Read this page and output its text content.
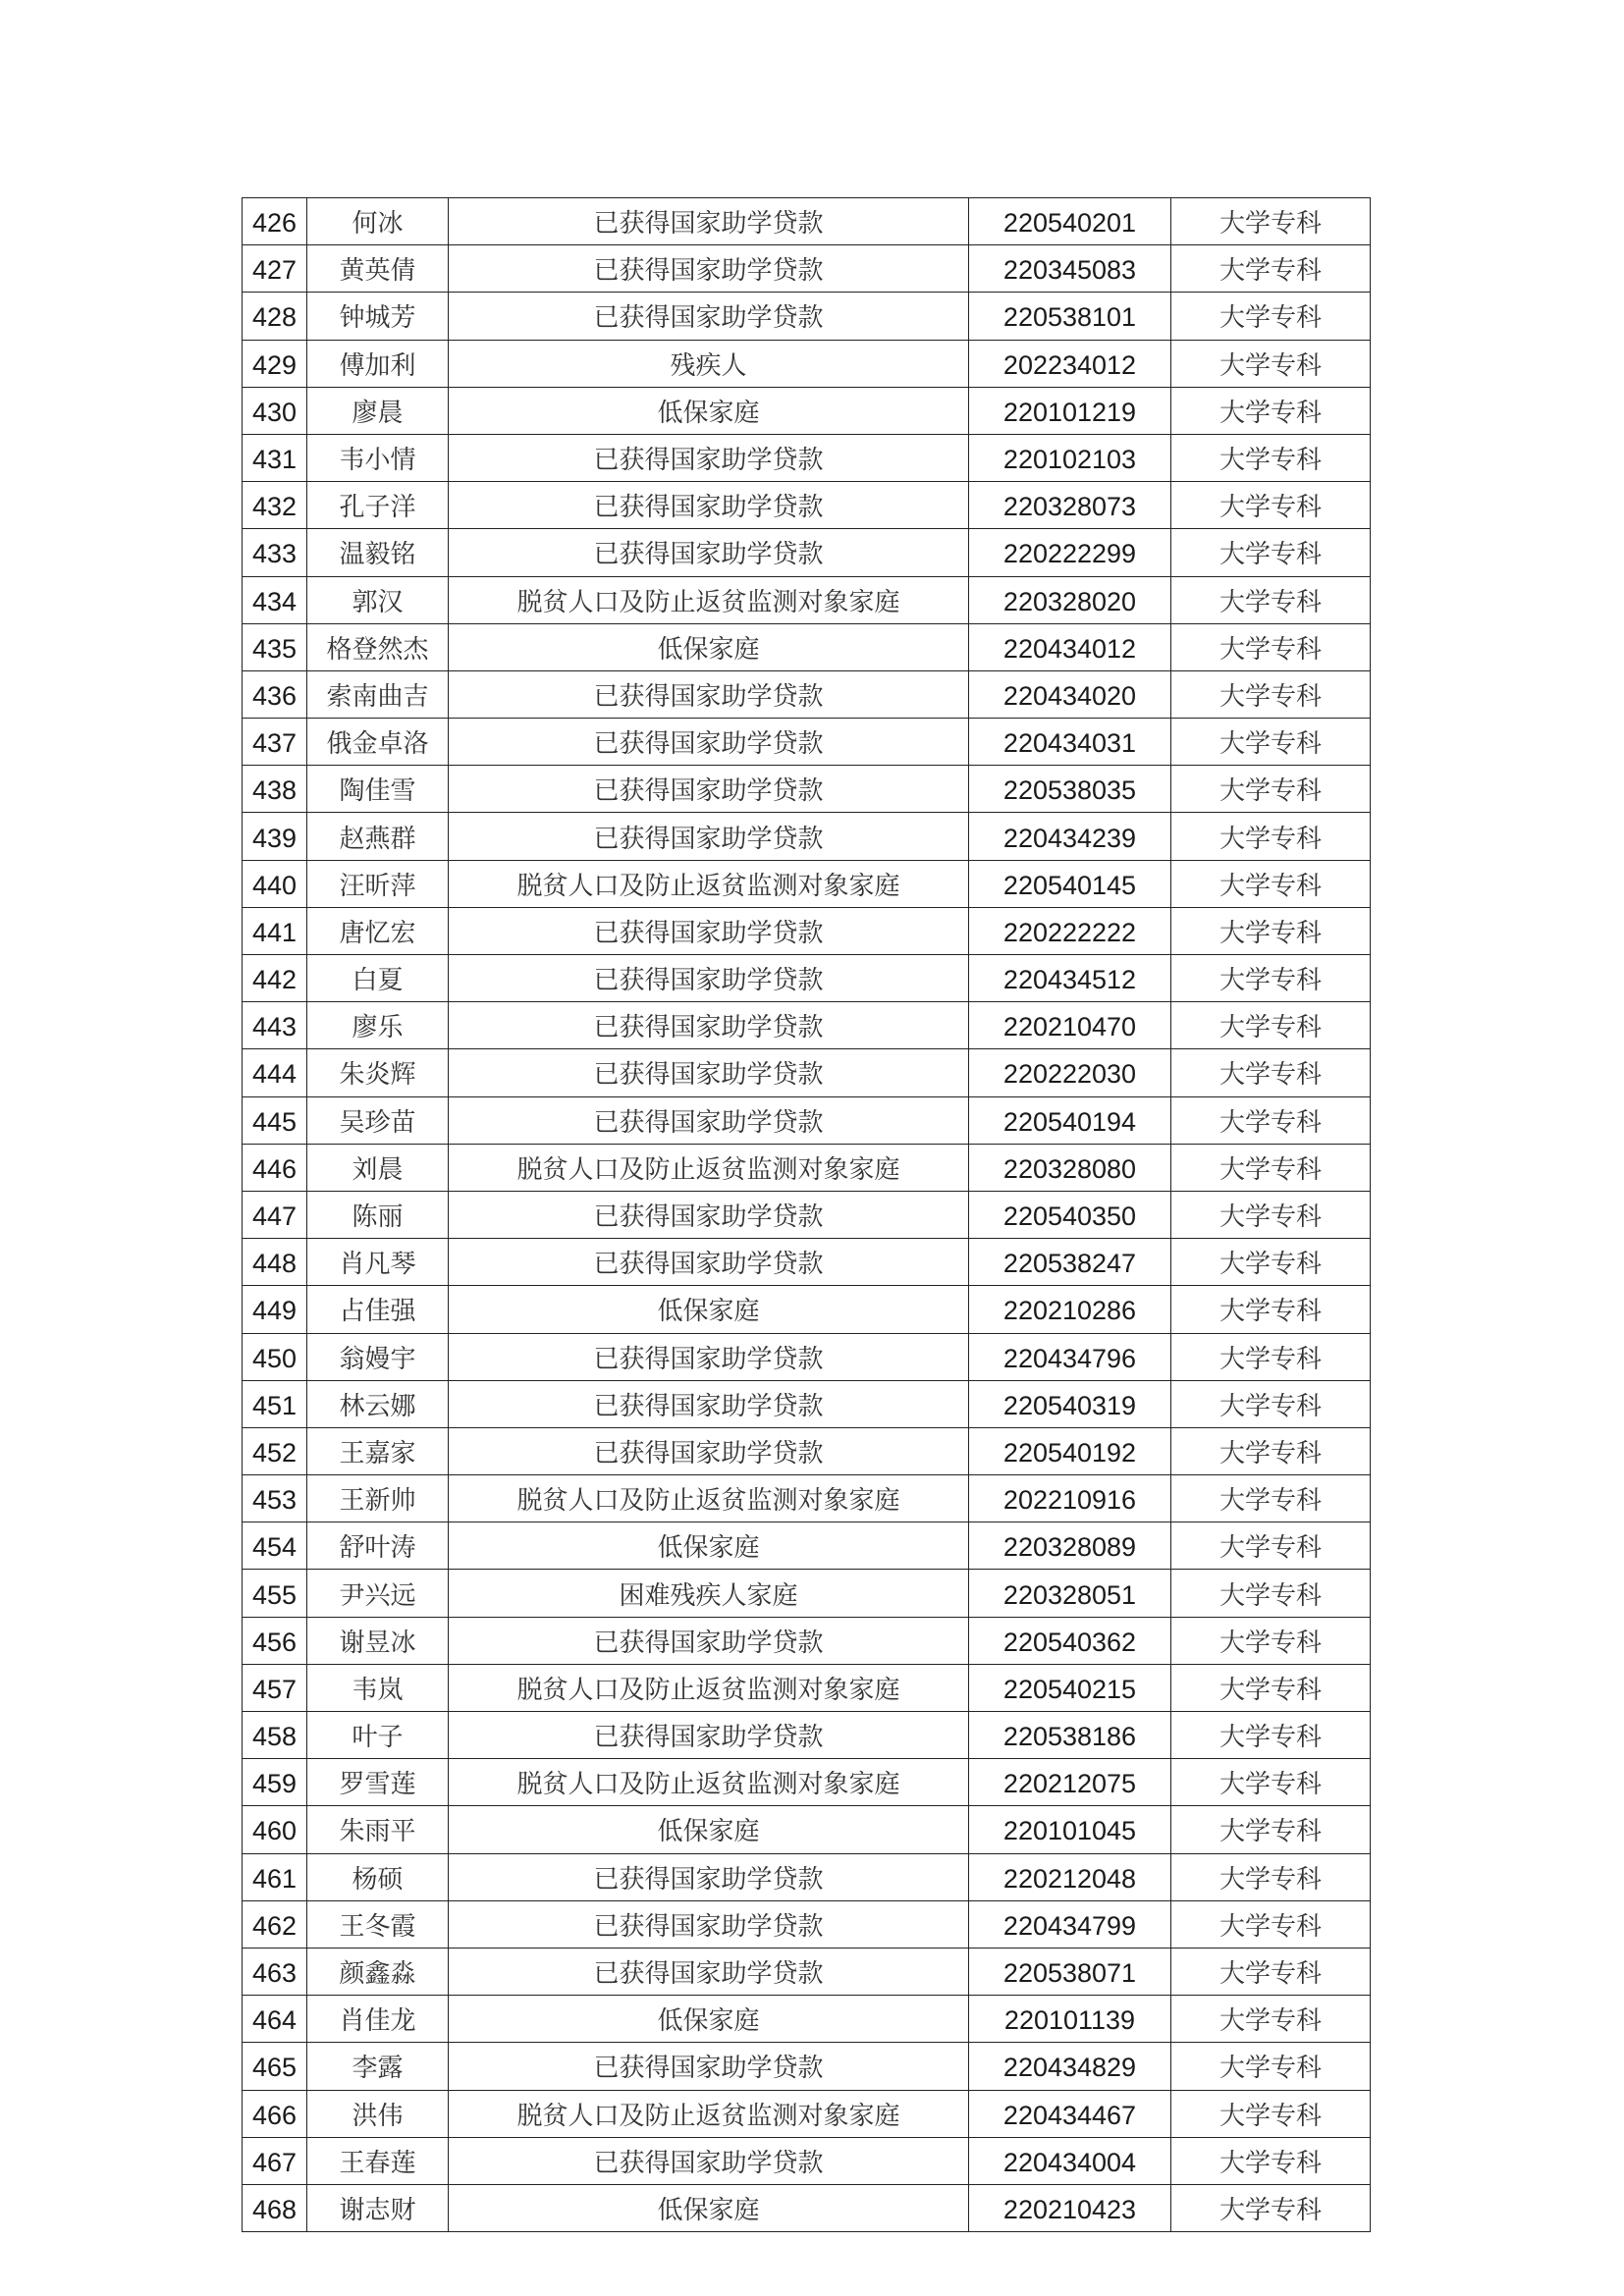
426	何冰	已获得国家助学贷款	220540201	大学专科
427	黄英倩	已获得国家助学贷款	220345083	大学专科
428	钟城芳	已获得国家助学贷款	220538101	大学专科
429	傅加利	残疾人	202234012	大学专科
430	廖晨	低保家庭	220101219	大学专科
431	韦小情	已获得国家助学贷款	220102103	大学专科
432	孔子洋	已获得国家助学贷款	220328073	大学专科
433	温毅铭	已获得国家助学贷款	220222299	大学专科
434	郭汉	脱贫人口及防止返贫监测对象家庭	220328020	大学专科
435	格登然杰	低保家庭	220434012	大学专科
436	索南曲吉	已获得国家助学贷款	220434020	大学专科
437	俄金卓洛	已获得国家助学贷款	220434031	大学专科
438	陶佳雪	已获得国家助学贷款	220538035	大学专科
439	赵燕群	已获得国家助学贷款	220434239	大学专科
440	汪昕萍	脱贫人口及防止返贫监测对象家庭	220540145	大学专科
441	唐忆宏	已获得国家助学贷款	220222222	大学专科
442	白夏	已获得国家助学贷款	220434512	大学专科
443	廖乐	已获得国家助学贷款	220210470	大学专科
444	朱炎辉	已获得国家助学贷款	220222030	大学专科
445	吴珍苗	已获得国家助学贷款	220540194	大学专科
446	刘晨	脱贫人口及防止返贫监测对象家庭	220328080	大学专科
447	陈丽	已获得国家助学贷款	220540350	大学专科
448	肖凡琴	已获得国家助学贷款	220538247	大学专科
449	占佳强	低保家庭	220210286	大学专科
450	翁嫚宇	已获得国家助学贷款	220434796	大学专科
451	林云娜	已获得国家助学贷款	220540319	大学专科
452	王嘉家	已获得国家助学贷款	220540192	大学专科
453	王新帅	脱贫人口及防止返贫监测对象家庭	202210916	大学专科
454	舒叶涛	低保家庭	220328089	大学专科
455	尹兴远	困难残疾人家庭	220328051	大学专科
456	谢昱冰	已获得国家助学贷款	220540362	大学专科
457	韦岚	脱贫人口及防止返贫监测对象家庭	220540215	大学专科
458	叶子	已获得国家助学贷款	220538186	大学专科
459	罗雪莲	脱贫人口及防止返贫监测对象家庭	220212075	大学专科
460	朱雨平	低保家庭	220101045	大学专科
461	杨硕	已获得国家助学贷款	220212048	大学专科
462	王冬霞	已获得国家助学贷款	220434799	大学专科
463	颜鑫淼	已获得国家助学贷款	220538071	大学专科
464	肖佳龙	低保家庭	220101139	大学专科
465	李露	已获得国家助学贷款	220434829	大学专科
466	洪伟	脱贫人口及防止返贫监测对象家庭	220434467	大学专科
467	王春莲	已获得国家助学贷款	220434004	大学专科
468	谢志财	低保家庭	220210423	大学专科
